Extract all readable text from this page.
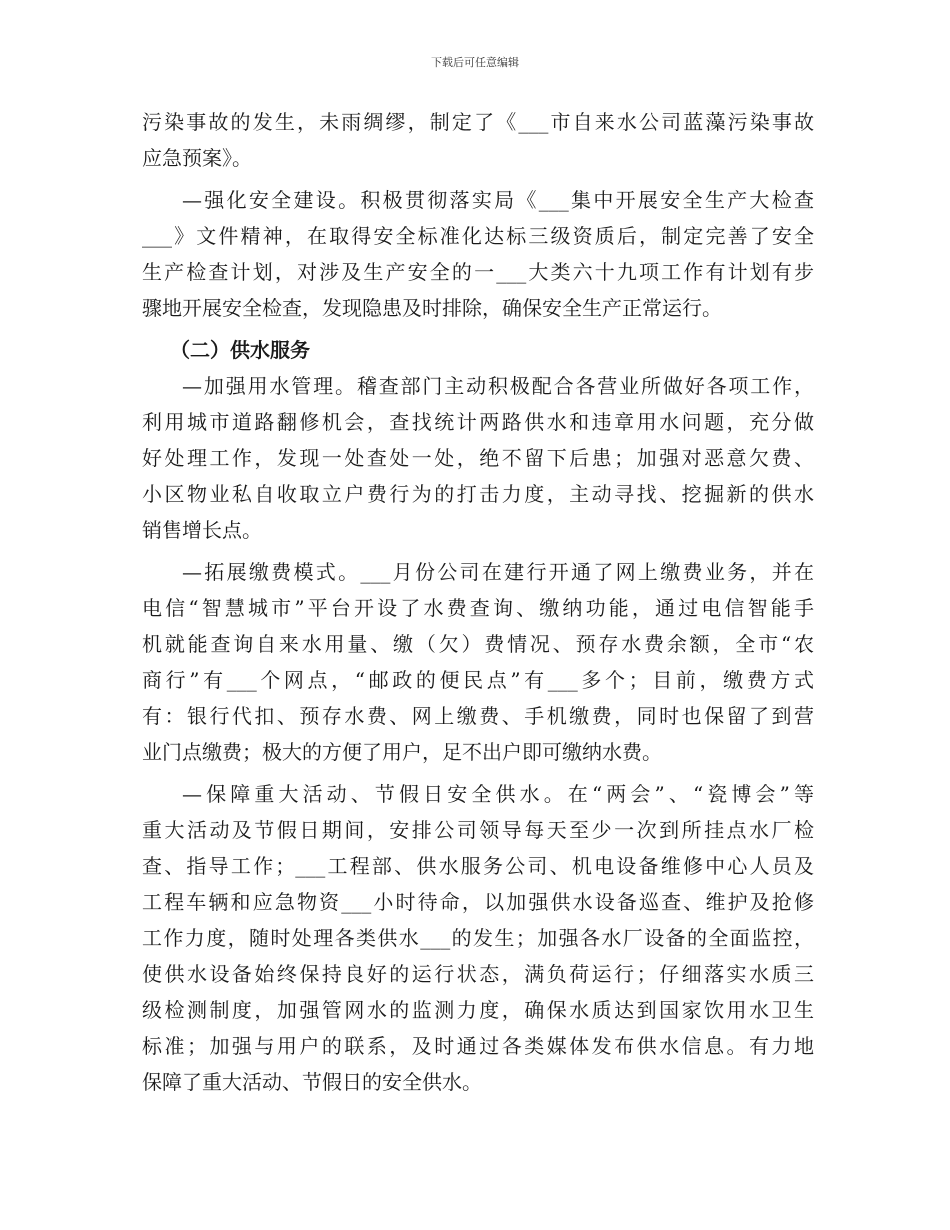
下载后可任意编辑
污染事故的发生，未雨绸缪，制定了《___市自来水公司蓝藻污染事故
应急预案》。
—强化安全建设。积极贯彻落实局《___集中开展安全生产大检查
___》文件精神，在取得安全标准化达标三级资质后，制定完善了安全
生产检查计划，对涉及生产安全的一___大类六十九项工作有计划有步
骤地开展安全检查，发现隐患及时排除，确保安全生产正常运行。
（二）供水服务
—加强用水管理。稽查部门主动积极配合各营业所做好各项工作，
利用城市道路翻修机会，查找统计两路供水和违章用水问题，充分做
好处理工作，发现一处查处一处，绝不留下后患；加强对恶意欠费、
小区物业私自收取立户费行为的打击力度，主动寻找、挖掘新的供水
销售增长点。
—拓展缴费模式。___月份公司在建行开通了网上缴费业务，并在
电信“智慧城市”平台开设了水费查询、缴纳功能，通过电信智能手
机就能查询自来水用量、缴（欠）费情况、预存水费余额，全市“农
商行”有___个网点，“邮政的便民点”有___多个；目前，缴费方式
有：银行代扣、预存水费、网上缴费、手机缴费，同时也保留了到营
业门点缴费；极大的方便了用户，足不出户即可缴纳水费。
—保障重大活动、节假日安全供水。在“两会”、“瓷博会”等
重大活动及节假日期间，安排公司领导每天至少一次到所挂点水厂检
查、指导工作；___工程部、供水服务公司、机电设备维修中心人员及
工程车辆和应急物资___小时待命，以加强供水设备巡查、维护及抢修
工作力度，随时处理各类供水___的发生；加强各水厂设备的全面监控，
使供水设备始终保持良好的运行状态，满负荷运行；仔细落实水质三
级检测制度，加强管网水的监测力度，确保水质达到国家饮用水卫生
标准；加强与用户的联系，及时通过各类媒体发布供水信息。有力地
保障了重大活动、节假日的安全供水。
